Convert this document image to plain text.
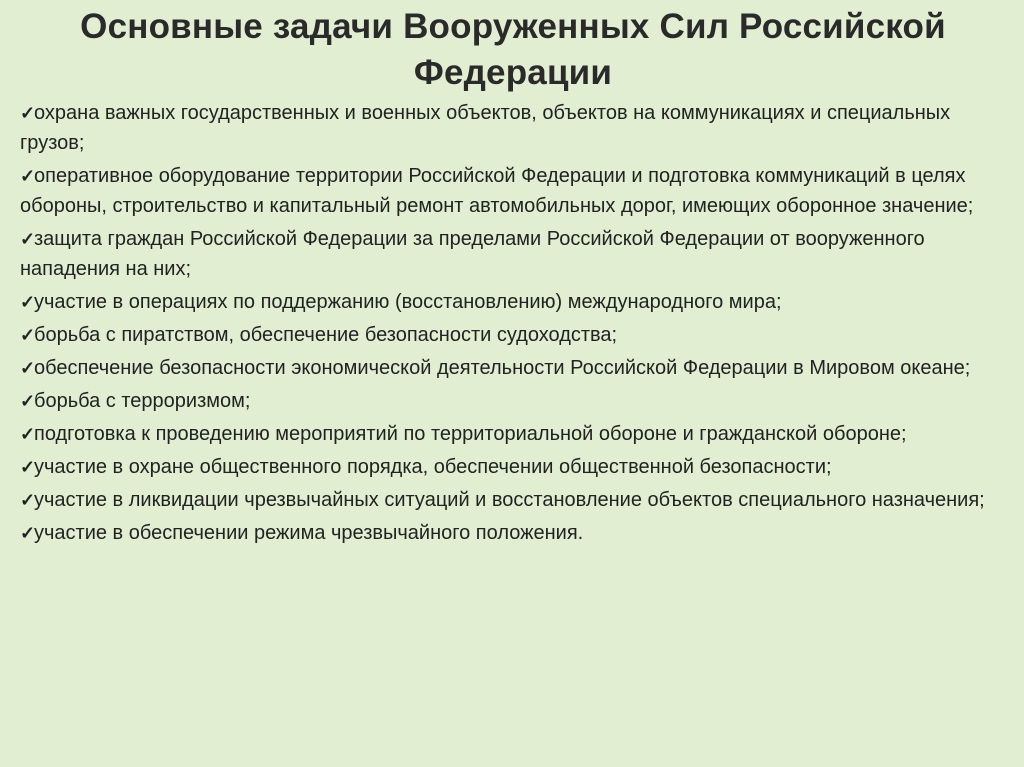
Основные задачи Вооруженных Сил Российской
Федерации
✓охрана важных государственных и военных объектов, объектов на коммуникациях и специальных грузов;
✓оперативное оборудование территории Российской Федерации и подготовка коммуникаций в целях обороны, строительство и капитальный ремонт автомобильных дорог, имеющих оборонное значение;
✓защита граждан Российской Федерации за пределами Российской Федерации от вооруженного нападения на них;
✓участие в операциях по поддержанию (восстановлению) международного мира;
✓борьба с пиратством, обеспечение безопасности судоходства;
✓обеспечение безопасности экономической деятельности Российской Федерации в Мировом океане;
✓борьба с терроризмом;
✓подготовка к проведению мероприятий по территориальной обороне и гражданской обороне;
✓участие в охране общественного порядка, обеспечении общественной безопасности;
✓участие в ликвидации чрезвычайных ситуаций и восстановление объектов специального назначения;
✓участие в обеспечении режима чрезвычайного положения.
